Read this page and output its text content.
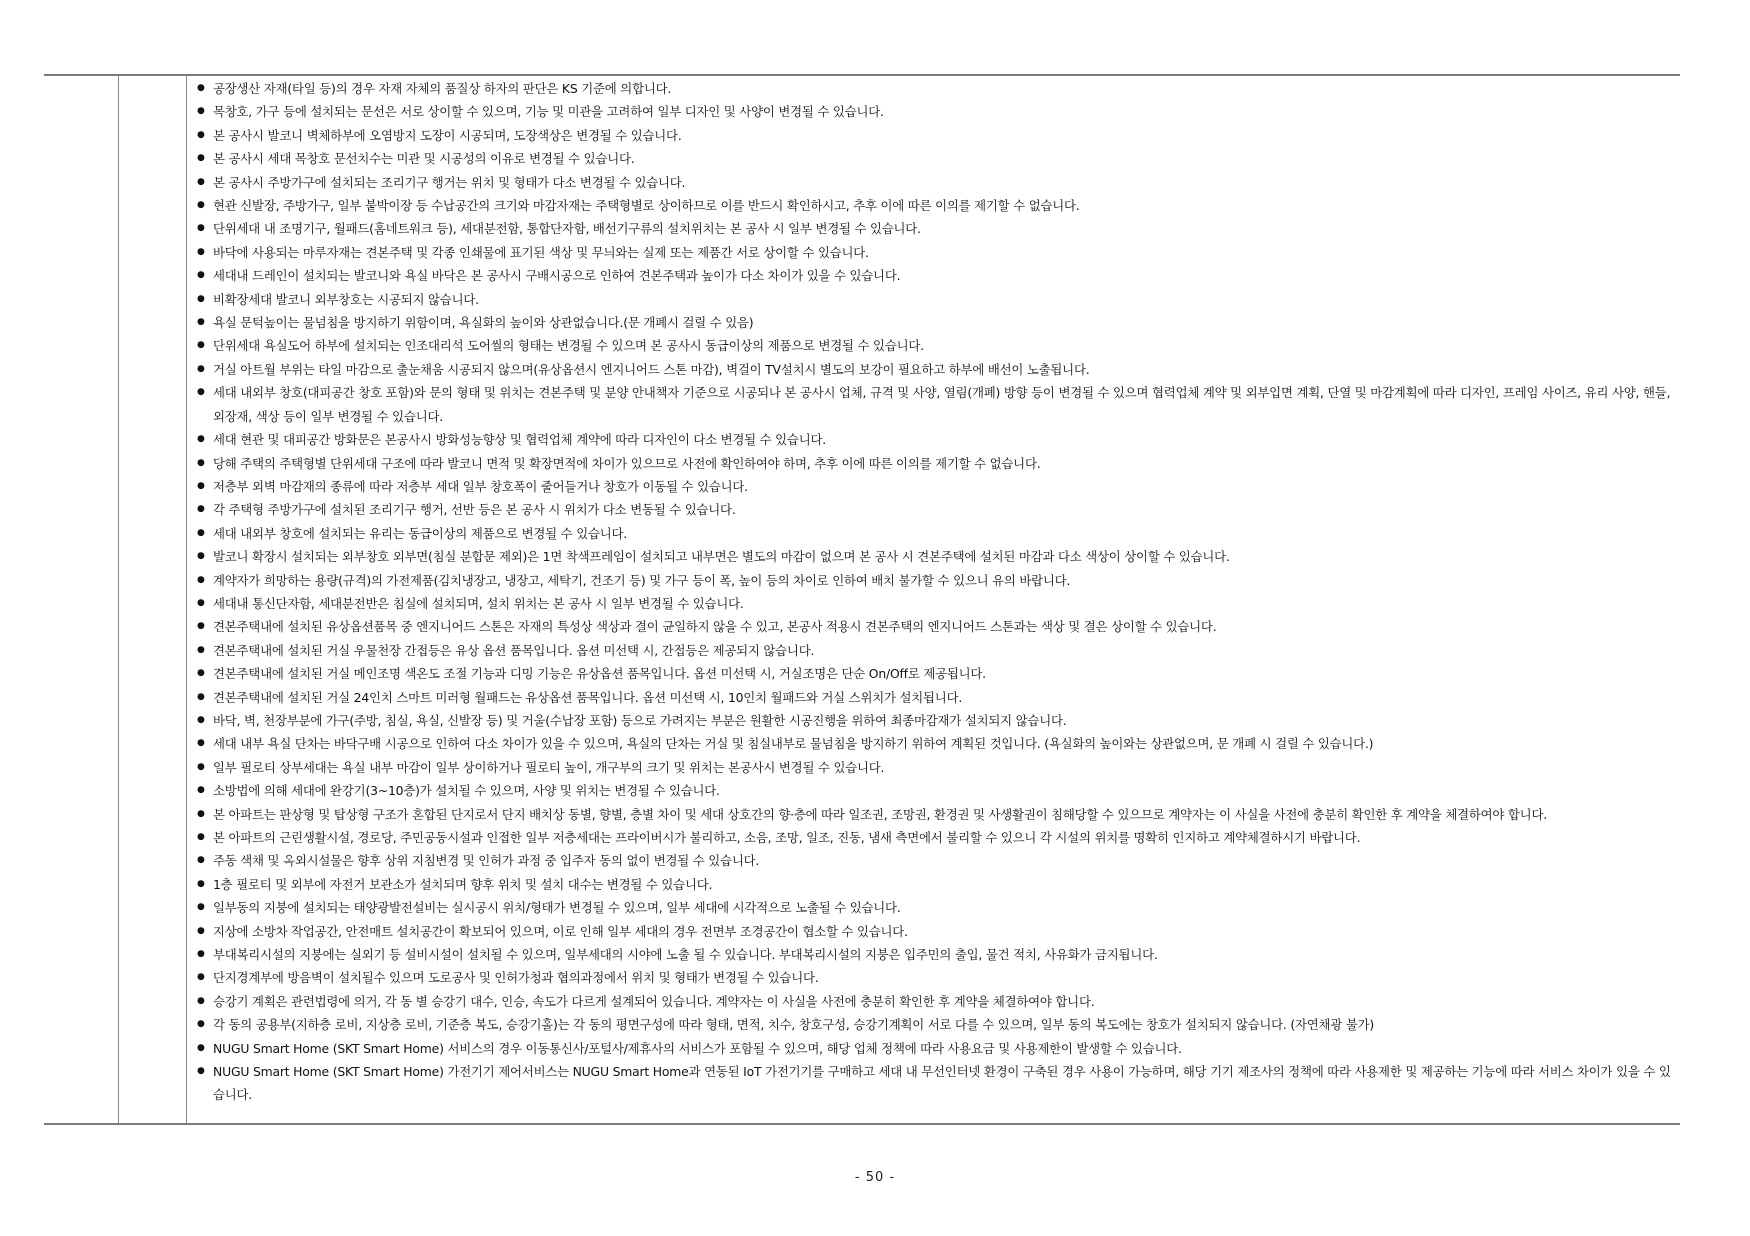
● 공장생산 자재(타일 등)의 경우 자재 자체의 품질상 하자의 판단은 KS 기준에 의합니다.
● 목창호, 가구 등에 설치되는 문선은 서로 상이할 수 있으며, 기능 및 미관을 고려하여 일부 디자인 및 사양이 변경될 수 있습니다.
● 본 공사시 발코니 벽체하부에 오염방지 도장이 시공되며, 도장색상은 변경될 수 있습니다.
● 본 공사시 세대 목창호 문선치수는 미관 및 시공성의 이유로 변경될 수 있습니다.
● 본 공사시 주방가구에 설치되는 조리기구 행거는 위치 및 형태가 다소 변경될 수 있습니다.
● 현관 신발장, 주방가구, 일부 붙박이장 등 수납공간의 크기와 마감자재는 주택형별로 상이하므로 이를 반드시 확인하시고, 추후 이에 따른 이의를 제기할 수 없습니다.
● 단위세대 내 조명기구, 월패드(홈네트워크 등), 세대분전함, 통합단자함, 배선기구류의 설치위치는 본 공사 시 일부 변경될 수 있습니다.
● 바닥에 사용되는 마루자재는 견본주택 및 각종 인쇄물에 표기된 색상 및 무늬와는 실제 또는 제품간 서로 상이할 수 있습니다.
● 세대내 드레인이 설치되는 발코니와 욕실 바닥은 본 공사시 구배시공으로 인하여 견본주택과 높이가 다소 차이가 있을 수 있습니다.
● 비확장세대 발코니 외부창호는 시공되지 않습니다.
● 욕실 문턱높이는 물넘침을 방지하기 위함이며, 욕실화의 높이와 상관없습니다.(문 개폐시 걸릴 수 있음)
● 단위세대 욕실도어 하부에 설치되는 인조대리석 도어씰의 형태는 변경될 수 있으며 본 공사시 동급이상의 제품으로 변경될 수 있습니다.
● 거실 아트월 부위는 타일 마감으로 출눈채움 시공되지 않으며(유상옵션시 엔지니어드 스톤 마감), 벽걸이 TV설치시 별도의 보강이 필요하고 하부에 배선이 노출됩니다.
● 세대 내외부 창호(대피공간 창호 포함)와 문의 형태 및 위치는 견본주택 및 분양 안내책자 기준으로 시공되나 본 공사시 업체, 규격 및 사양, 열림(개폐) 방향 등이 변경될 수 있으며 협력업체 계약 및 외부입면 계획, 단열 및 마감계획에 따라 디자인, 프레임 사이즈, 유리 사양, 핸들, 외장재, 색상 등이 일부 변경될 수 있습니다.
● 세대 현관 및 대피공간 방화문은 본공사시 방화성능향상 및 협력업체 계약에 따라 디자인이 다소 변경될 수 있습니다.
● 당해 주택의 주택형별 단위세대 구조에 따라 발코니 면적 및 확장면적에 차이가 있으므로 사전에 확인하여야 하며, 추후 이에 따른 이의를 제기할 수 없습니다.
● 저층부 외벽 마감재의 종류에 따라 저층부 세대 일부 창호폭이 줄어들거나 창호가 이동될 수 있습니다.
● 각 주택형 주방가구에 설치된 조리기구 행거, 선반 등은 본 공사 시 위치가 다소 변동될 수 있습니다.
● 세대 내외부 창호에 설치되는 유리는 동급이상의 제품으로 변경될 수 있습니다.
● 발코니 확장시 설치되는 외부창호 외부면(침실 분합문 제외)은 1면 착색프레임이 설치되고 내부면은 별도의 마감이 없으며 본 공사 시 견본주택에 설치된 마감과 다소 색상이 상이할 수 있습니다.
● 계약자가 희망하는 용량(규격)의 가전제품(김치냉장고, 냉장고, 세탁기, 건조기 등) 및 가구 등이 폭, 높이 등의 차이로 인하여 배치 불가할 수 있으니 유의 바랍니다.
● 세대내 통신단자함, 세대분전반은 침실에 설치되며, 설치 위치는 본 공사 시 일부 변경될 수 있습니다.
● 견본주택내에 설치된 유상옵션품목 중 엔지니어드 스톤은 자재의 특성상 색상과 결이 균일하지 않을 수 있고, 본공사 적용시 견본주택의 엔지니어드 스톤과는 색상 및 결은 상이할 수 있습니다.
● 견본주택내에 설치된 거실 우물천장 간접등은 유상 옵션 품목입니다. 옵션 미선택 시, 간접등은 제공되지 않습니다.
● 견본주택내에 설치된 거실 메인조명 색온도 조절 기능과 디밍 기능은 유상옵션 품목입니다. 옵션 미선택 시, 거실조명은 단순 On/Off로 제공됩니다.
● 견본주택내에 설치된 거실 24인치 스마트 미러형 월패드는 유상옵션 품목입니다. 옵션 미선택 시, 10인치 월패드와 거실 스위치가 설치됩니다.
● 바닥, 벽, 천장부분에 가구(주방, 침실, 욕실, 신발장 등) 및 거울(수납장 포함) 등으로 가려지는 부분은 원활한 시공진행을 위하여 최종마감재가 설치되지 않습니다.
● 세대 내부 욕실 단차는 바닥구배 시공으로 인하여 다소 차이가 있을 수 있으며, 욕실의 단차는 거실 및 침실내부로 물넘침을 방지하기 위하여 계획된 것입니다. (욕실화의 높이와는 상관없으며, 문 개폐 시 걸릴 수 있습니다.)
● 일부 필로티 상부세대는 욕실 내부 마감이 일부 상이하거나 필로티 높이, 개구부의 크기 및 위치는 본공사시 변경될 수 있습니다.
● 소방법에 의해 세대에 완강기(3~10층)가 설치될 수 있으며, 사양 및 위치는 변경될 수 있습니다.
● 본 아파트는 판상형 및 탑상형 구조가 혼합된 단지로서 단지 배치상 동별, 향별, 층별 차이 및 세대 상호간의 향·층에 따라 일조권, 조망권, 환경권 및 사생활권이 침해당할 수 있으므로 계약자는 이 사실을 사전에 충분히 확인한 후 계약을 체결하여야 합니다.
● 본 아파트의 근린생활시설, 경로당, 주민공동시설과 인접한 일부 저층세대는 프라이버시가 불리하고, 소음, 조망, 일조, 진동, 냄새 측면에서 불리할 수 있으니 각 시설의 위치를 명확히 인지하고 계약체결하시기 바랍니다.
● 주동 색채 및 옥외시설물은 향후 상위 지침변경 및 인허가 과정 중 입주자 동의 없이 변경될 수 있습니다.
● 1층 필로티 및 외부에 자전거 보관소가 설치되며 향후 위치 및 설치 대수는 변경될 수 있습니다.
● 일부동의 지붕에 설치되는 태양광발전설비는 실시공시 위치/형태가 변경될 수 있으며, 일부 세대에 시각적으로 노출될 수 있습니다.
● 지상에 소방차 작업공간, 안전매트 설치공간이 확보되어 있으며, 이로 인해 일부 세대의 경우 전면부 조경공간이 협소할 수 있습니다.
● 부대복리시설의 지붕에는 실외기 등 설비시설이 설치될 수 있으며, 일부세대의 시야에 노출 될 수 있습니다. 부대복리시설의 지붕은 입주민의 출입, 물건 적치, 사유화가 금지됩니다.
● 단지경계부에 방음벽이 설치될수 있으며 도로공사 및 인허가청과 협의과정에서 위치 및 형태가 변경될 수 있습니다.
● 승강기 계획은 관련법령에 의거, 각 동 별 승강기 대수, 인승, 속도가 다르게 설계되어 있습니다. 계약자는 이 사실을 사전에 충분히 확인한 후 계약을 체결하여야 합니다.
● 각 동의 공용부(지하층 로비, 지상층 로비, 기준층 복도, 승강기홀)는 각 동의 평면구성에 따라 형태, 면적, 치수, 창호구성, 승강기계획이 서로 다를 수 있으며, 일부 동의 복도에는 창호가 설치되지 않습니다. (자연채광 불가)
● NUGU Smart Home (SKT Smart Home) 서비스의 경우 이동통신사/포털사/제휴사의 서비스가 포함될 수 있으며, 해당 업체 정책에 따라 사용요금 및 사용제한이 발생할 수 있습니다.
● NUGU Smart Home (SKT Smart Home) 가전기기 제어서비스는 NUGU Smart Home과 연동된 IoT 가전기기를 구매하고 세대 내 무선인터넷 환경이 구축된 경우 사용이 가능하며, 해당 기기 제조사의 정책에 따라 사용제한 및 제공하는 기능에 따라 서비스 차이가 있을 수 있습니다.
- 50 -
